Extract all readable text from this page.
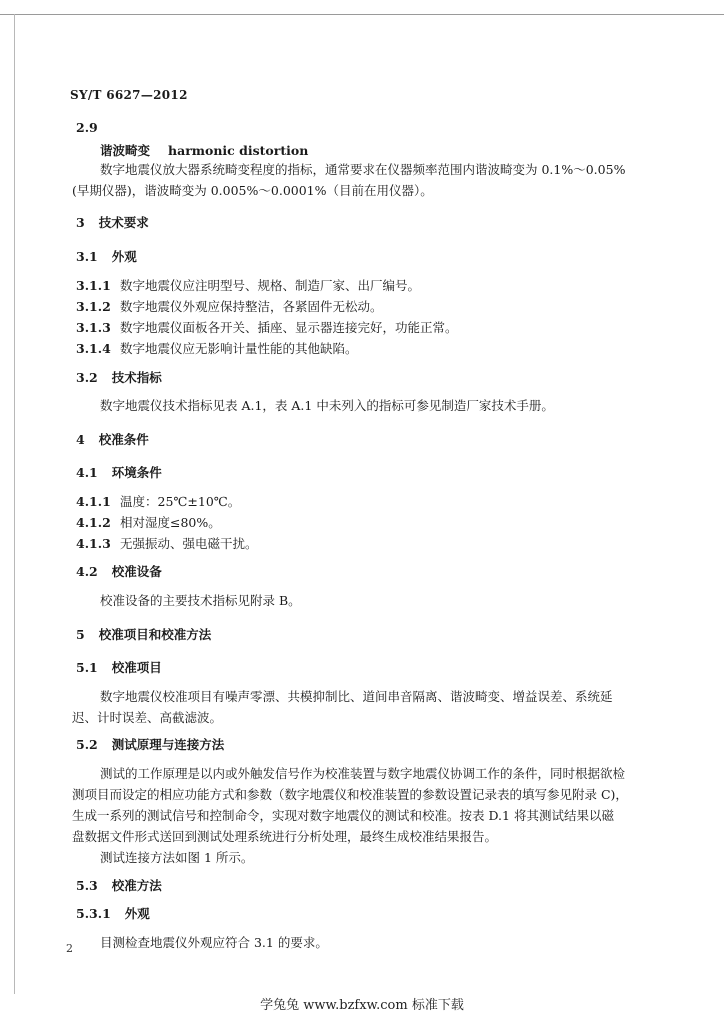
SY/T 6627—2012
2.9
谐波畸变 harmonic distortion
数字地震仪放大器系统畸变程度的指标，通常要求在仪器频率范围内谐波畸变为 0.1%～0.05%
(早期仪器)，谐波畸变为 0.005%～0.0001%（目前在用仪器）。
3 技术要求
3.1 外观
3.1.1 数字地震仪应注明型号、规格、制造厂家、出厂编号。
3.1.2 数字地震仪外观应保持整洁，各紧固件无松动。
3.1.3 数字地震仪面板各开关、插座、显示器连接完好，功能正常。
3.1.4 数字地震仪应无影响计量性能的其他缺陷。
3.2 技术指标
数字地震仪技术指标见表 A.1，表 A.1 中未列入的指标可参见制造厂家技术手册。
4 校准条件
4.1 环境条件
4.1.1 温度：25℃±10℃。
4.1.2 相对湿度≤80%。
4.1.3 无强振动、强电磁干扰。
4.2 校准设备
校准设备的主要技术指标见附录 B。
5 校准项目和校准方法
5.1 校准项目
数字地震仪校准项目有噪声零漂、共模抑制比、道间串音隔离、谐波畸变、增益误差、系统延
迟、计时误差、高截滤波。
5.2 测试原理与连接方法
测试的工作原理是以内或外触发信号作为校准装置与数字地震仪协调工作的条件，同时根据欲检
测项目而设定的相应功能方式和参数（数字地震仪和校准装置的参数设置记录表的填写参见附录 C)，
生成一系列的测试信号和控制命令，实现对数字地震仪的测试和校准。按表 D.1 将其测试结果以磁
盘数据文件形式送回到测试处理系统进行分析处理，最终生成校准结果报告。
测试连接方法如图 1 所示。
5.3 校准方法
5.3.1 外观
目测检查地震仪外观应符合 3.1 的要求。
2
学兔兔 www.bzfxw.com 标准下载
